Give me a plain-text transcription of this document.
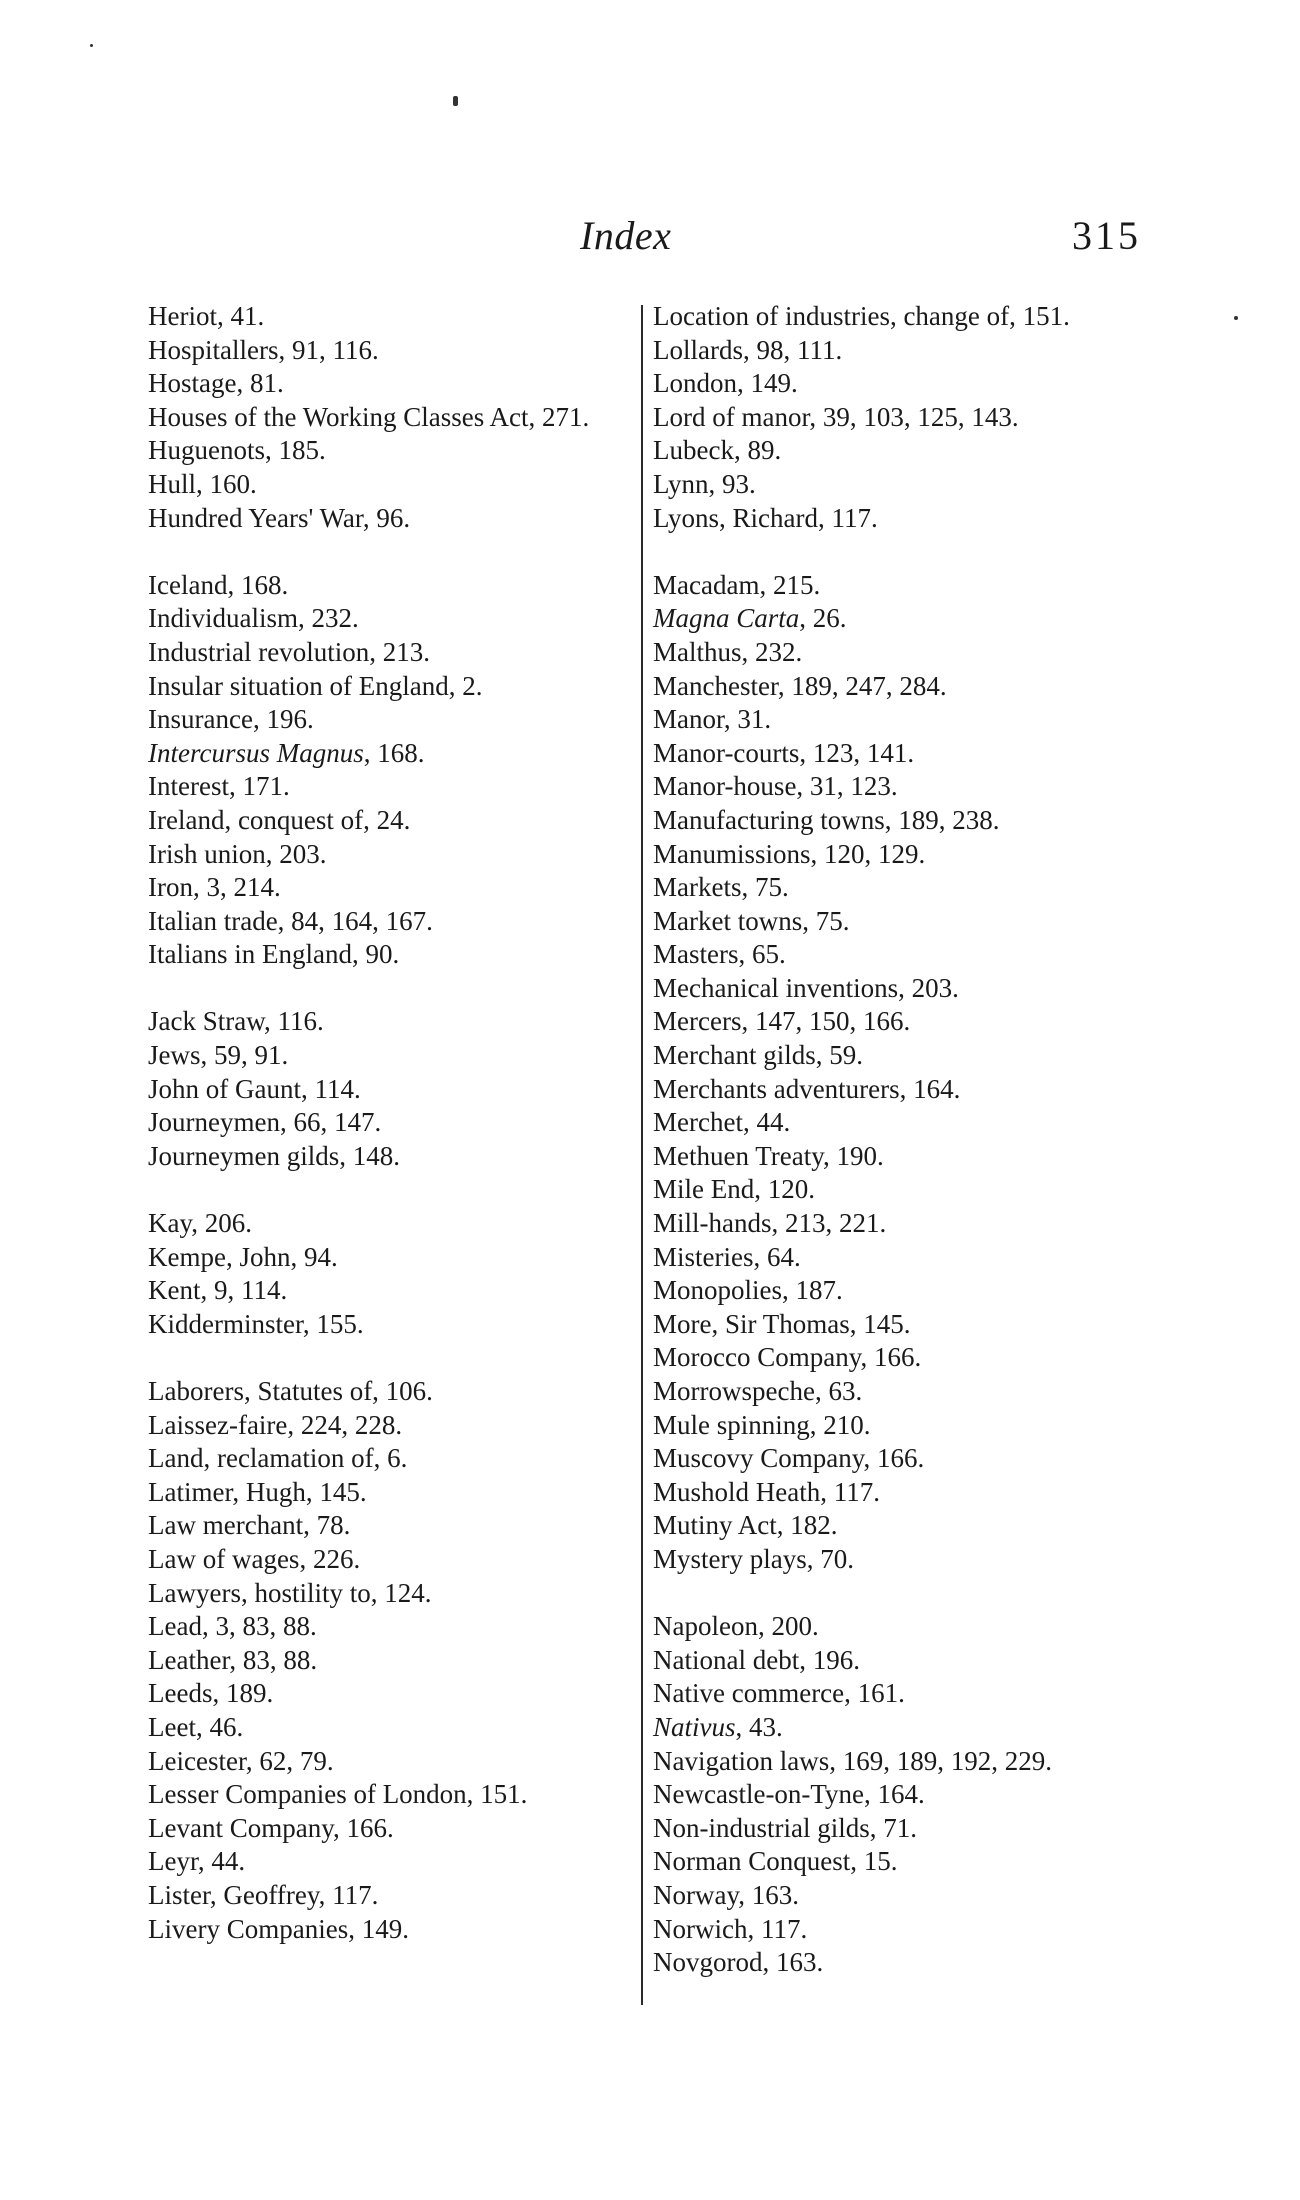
Index	315
Heriot, 41.
Hospitallers, 91, 116.
Hostage, 81.
Houses of the Working Classes Act, 271.
Huguenots, 185.
Hull, 160.
Hundred Years' War, 96.
Iceland, 168.
Individualism, 232.
Industrial revolution, 213.
Insular situation of England, 2.
Insurance, 196.
Intercursus Magnus, 168.
Interest, 171.
Ireland, conquest of, 24.
Irish union, 203.
Iron, 3, 214.
Italian trade, 84, 164, 167.
Italians in England, 90.
Jack Straw, 116.
Jews, 59, 91.
John of Gaunt, 114.
Journeymen, 66, 147.
Journeymen gilds, 148.
Kay, 206.
Kempe, John, 94.
Kent, 9, 114.
Kidderminster, 155.
Laborers, Statutes of, 106.
Laissez-faire, 224, 228.
Land, reclamation of, 6.
Latimer, Hugh, 145.
Law merchant, 78.
Law of wages, 226.
Lawyers, hostility to, 124.
Lead, 3, 83, 88.
Leather, 83, 88.
Leeds, 189.
Leet, 46.
Leicester, 62, 79.
Lesser Companies of London, 151.
Levant Company, 166.
Leyr, 44.
Lister, Geoffrey, 117.
Livery Companies, 149.
Location of industries, change of, 151.
Lollards, 98, 111.
London, 149.
Lord of manor, 39, 103, 125, 143.
Lubeck, 89.
Lynn, 93.
Lyons, Richard, 117.
Macadam, 215.
Magna Carta, 26.
Malthus, 232.
Manchester, 189, 247, 284.
Manor, 31.
Manor-courts, 123, 141.
Manor-house, 31, 123.
Manufacturing towns, 189, 238.
Manumissions, 120, 129.
Markets, 75.
Market towns, 75.
Masters, 65.
Mechanical inventions, 203.
Mercers, 147, 150, 166.
Merchant gilds, 59.
Merchants adventurers, 164.
Merchet, 44.
Methuen Treaty, 190.
Mile End, 120.
Mill-hands, 213, 221.
Misteries, 64.
Monopolies, 187.
More, Sir Thomas, 145.
Morocco Company, 166.
Morrowspeche, 63.
Mule spinning, 210.
Muscovy Company, 166.
Mushold Heath, 117.
Mutiny Act, 182.
Mystery plays, 70.
Napoleon, 200.
National debt, 196.
Native commerce, 161.
Nativus, 43.
Navigation laws, 169, 189, 192, 229.
Newcastle-on-Tyne, 164.
Non-industrial gilds, 71.
Norman Conquest, 15.
Norway, 163.
Norwich, 117.
Novgorod, 163.
